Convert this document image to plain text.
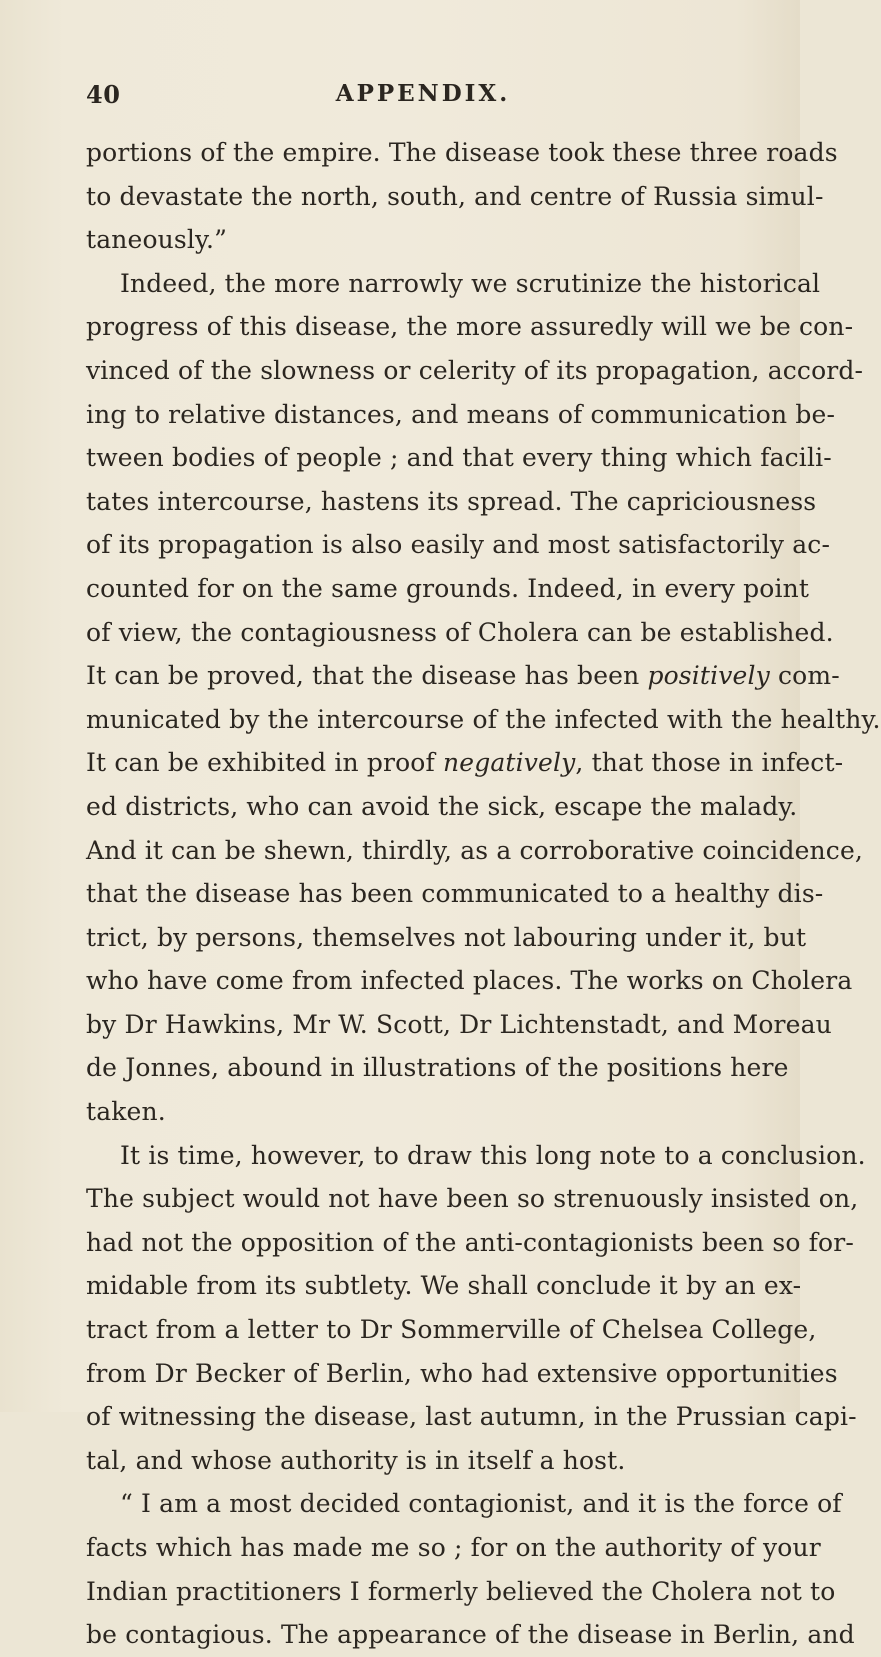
40	APPENDIX.
portions of the empire. The disease took these three roads
to devastate the north, south, and centre of Russia simul-
taneously.”
Indeed, the more narrowly we scrutinize the historical
progress of this disease, the more assuredly will we be con-
vinced of the slowness or celerity of its propagation, accord-
ing to relative distances, and means of communication be-
tween bodies of people ; and that every thing which facili-
tates intercourse, hastens its spread. The capriciousness
of its propagation is also easily and most satisfactorily ac-
counted for on the same grounds. Indeed, in every point
of view, the contagiousness of Cholera can be established.
It can be proved, that the disease has been positively com-
municated by the intercourse of the infected with the healthy.
It can be exhibited in proof negatively, that those in infect-
ed districts, who can avoid the sick, escape the malady.
And it can be shewn, thirdly, as a corroborative coincidence,
that the disease has been communicated to a healthy dis-
trict, by persons, themselves not labouring under it, but
who have come from infected places. The works on Cholera
by Dr Hawkins, Mr W. Scott, Dr Lichtenstadt, and Moreau
de Jonnes, abound in illustrations of the positions here
taken.
It is time, however, to draw this long note to a conclusion.
The subject would not have been so strenuously insisted on,
had not the opposition of the anti-contagionists been so for-
midable from its subtlety. We shall conclude it by an ex-
tract from a letter to Dr Sommerville of Chelsea College,
from Dr Becker of Berlin, who had extensive opportunities
of witnessing the disease, last autumn, in the Prussian capi-
tal, and whose authority is in itself a host.
“ I am a most decided contagionist, and it is the force of
facts which has made me so ; for on the authority of your
Indian practitioners I formerly believed the Cholera not to
be contagious. The appearance of the disease in Berlin, and
